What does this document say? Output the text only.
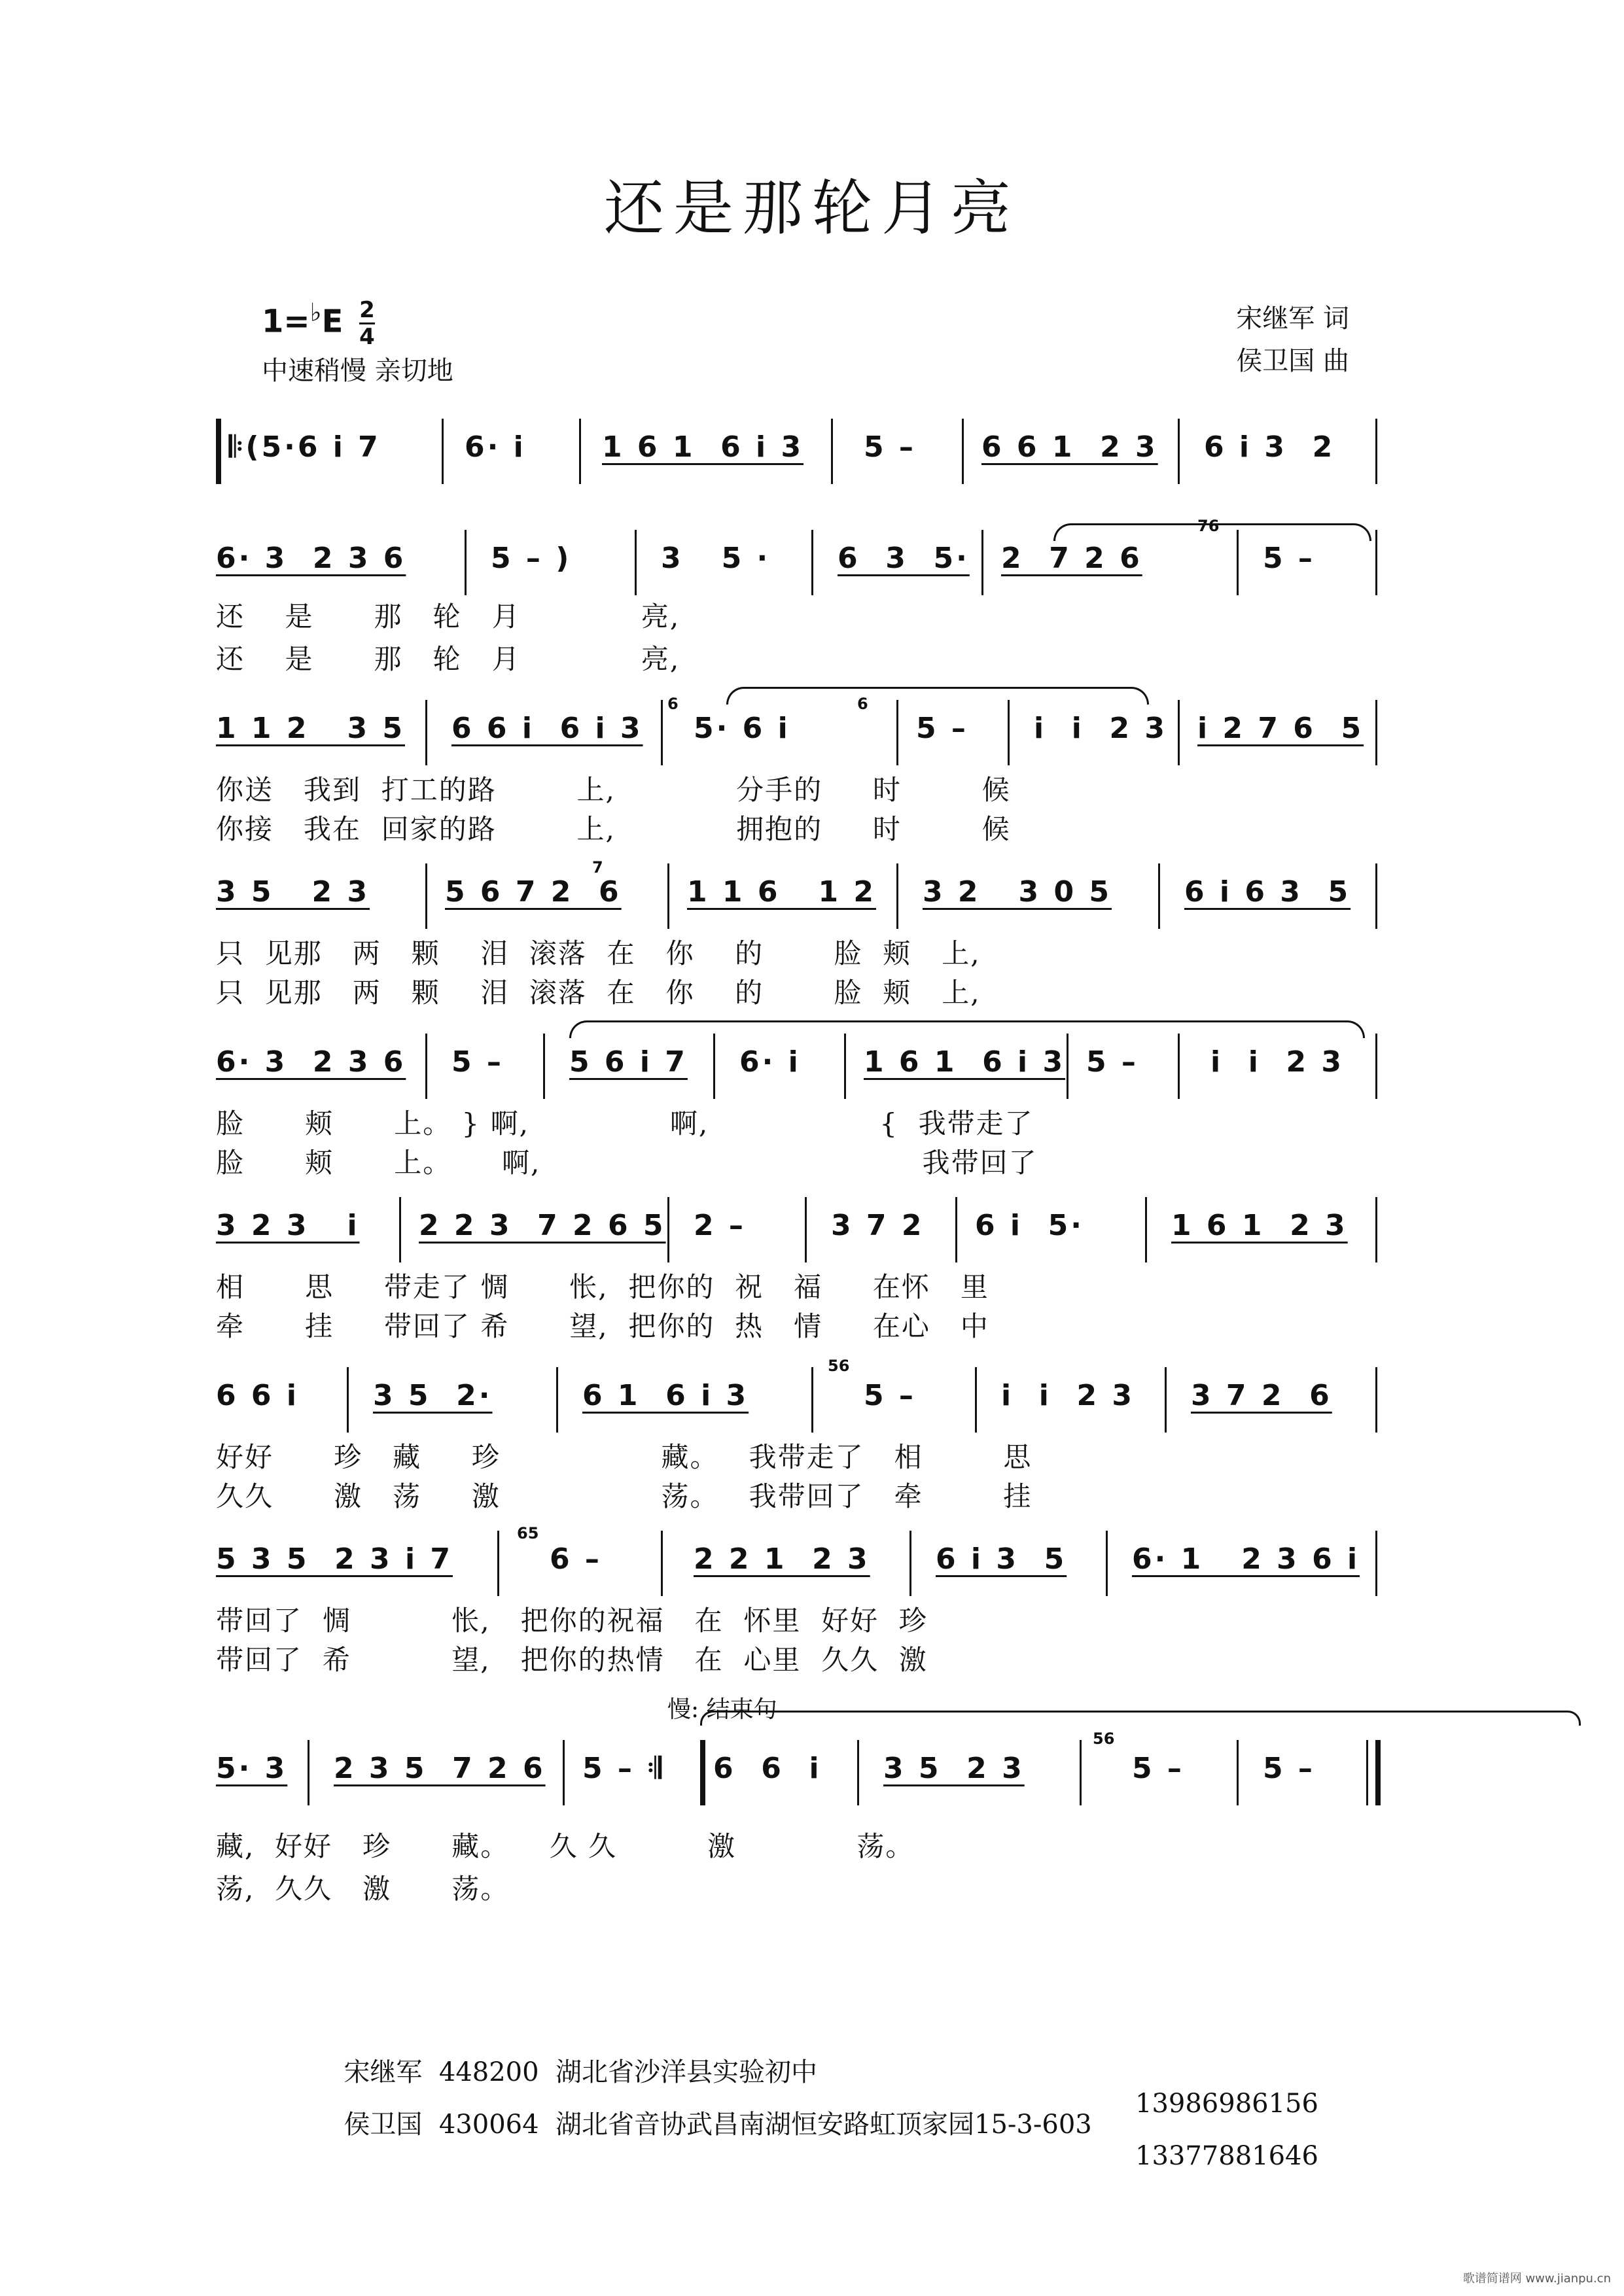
还是那轮月亮
$1=^♭E \frac{2}{4}$
中速稍慢 亲切地
宋继军 词
侯卫国 曲
𝄆(5·6 i 7	6· i	1 6 1  6 i 3 5 – 6 6 1  2 3 6 i 3  2
6· 3  2 3 6	5 – )	3   5 · 6  3  5· 2  7 2 6
76
5 –
还    是      那   轮   月            亮,
还    是      那   轮   月            亮,
1 1 2   3 5 6 6 i  6 i 3
6
5· 6 i
6
5 – i  i  2 3 i 2 7 6  5
你送   我到  打工的路        上,            分手的     时        候
你接   我在  回家的路        上,            拥抱的     时        候
3 5   2 3	5 6 7 2  6
7
1 1 6   1 2 3 2   3 0 5	6 i 6 3  5
只  见那   两   颗    泪  滚落  在   你    的       脸  颊   上,
只  见那   两   颗    泪  滚落  在   你    的       脸  颊   上,
6· 3  2 3 6 5 – 5 6 i 7 6· i 1 6 1  6 i 3 5 –	i  i  2 3
脸      颊      上。 } 啊,              啊,                 {  我带走了
脸      颊      上。     啊,                                      我带回了
3 2 3   i 2 2 3  7 2 6 5 2 –	3 7 2 6 i  5·	1 6 1  2 3
相      思     带走了 惆      怅,  把你的  祝   福     在怀   里
牵      挂     带回了 希      望,  把你的  热   情     在心   中
6 6 i	3 5  2·	6 1  6 i 3
56
5 –	i  i  2 3 3 7 2  6
好好      珍   藏     珍                藏。   我带走了   相        思
久久      激   荡     激                荡。   我带回了   牵        挂
5 3 5  2 3 i 7
65
6 –	2 2 1  2 3 6 i 3  5 6· 1   2 3 6 i
带回了  惆          怅,   把你的祝福   在  怀里  好好  珍
带回了  希          望,   把你的热情   在  心里  久久  激
慢: 结束句
5· 3 2 3 5  7 2 6 5 – 𝄇 6  6  i 3 5  2 3
56
5 –	5 –
藏,  好好   珍      藏。    久 久         激            荡。
荡,  久久   激      荡。

宋继军  448200  湖北省沙洋县实验初中

13986986156

侯卫国  430064  湖北省音协武昌南湖恒安路虹顶家园15-3-603

13377881646

歌谱简谱网 www.jianpu.cn
